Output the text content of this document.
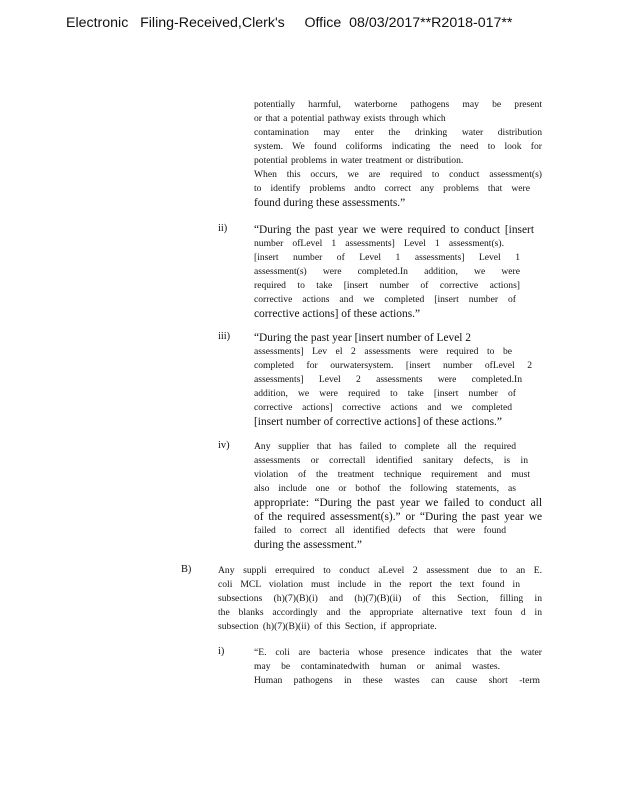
Electronic   Filing-Received,Clerk's     Office  08/03/2017**R2018-017**
potentially harmful, waterborne pathogens may be present
or that a potential pathway exists through which
contamination may enter the drinking water distribution
system. We found coliforms indicating the need to look for
potential problems in water treatment or distribution.
When this occurs, we are required to conduct assessment(s)
to identify problems andto correct any problems that were
found during these assessments.”
ii) “During the past year we were required to conduct [insert
number ofLevel 1 assessments] Level 1 assessment(s).
[insert number of Level 1 assessments] Level 1
assessment(s) were completed.In addition, we were
required to take [insert number of corrective actions]
corrective actions and we completed [insert number of
corrective actions] of these actions.”
iii) “During the past year [insert number of Level 2
assessments] Lev el 2 assessments were required to be
completed for ourwatersystem. [insert number ofLevel 2
assessments] Level 2 assessments were completed.In
addition, we were required to take [insert number of
corrective actions] corrective actions and we completed
[insert number of corrective actions] of these actions.”
iv)	Any supplier that has failed to complete all the required
assessments or correctall identified sanitary defects, is in
violation of the treatment technique requirement and must
also include one or bothof the following statements, as
appropriate: “During the past year we failed to conduct all
of the required assessment(s).” or “During the past year we
failed to correct all identified defects that were found
during the assessment.”
B)	Any suppli errequired to conduct aLevel 2 assessment due to an E.
coli MCL violation must include in the report the text found in
subsections (h)(7)(B)(i) and (h)(7)(B)(ii) of this Section, filling in
the blanks accordingly and the appropriate alternative text foun d in
subsection (h)(7)(B)(ii) of this Section, if appropriate.
i)	“E. coli are bacteria whose presence indicates that the water
may be contaminatedwith human or animal wastes.
Human pathogens in these wastes can cause short -term
